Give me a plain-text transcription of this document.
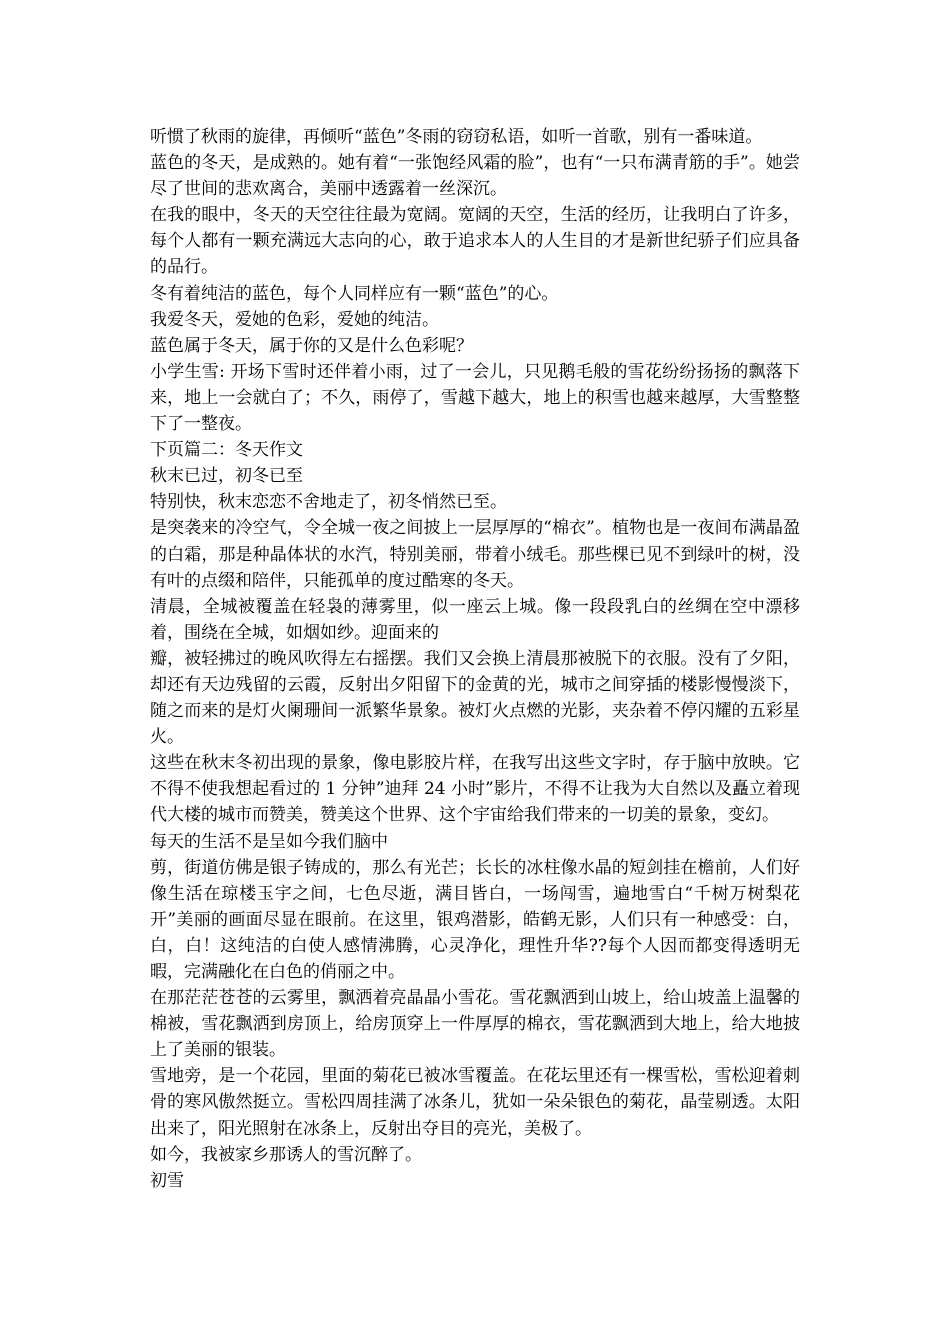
听惯了秋雨的旋律，再倾听“蓝色”冬雨的窃窃私语，如听一首歌，别有一番味道。

蓝色的冬天，是成熟的。她有着“一张饱经风霜的脸”，也有“一只布满青筋的手”。她尝尽了世间的悲欢离合，美丽中透露着一丝深沉。

在我的眼中，冬天的天空往往最为宽阔。宽阔的天空，生活的经历，让我明白了许多，每个人都有一颗充满远大志向的心，敢于追求本人的人生目的才是新世纪骄子们应具备的品行。

冬有着纯洁的蓝色，每个人同样应有一颗“蓝色”的心。

我爱冬天，爱她的色彩，爱她的纯洁。

蓝色属于冬天，属于你的又是什么色彩呢？

小学生雪: 开场下雪时还伴着小雨，过了一会儿，只见鹅毛般的雪花纷纷扬扬的飘落下来，地上一会就白了；不久，雨停了，雪越下越大，地上的积雪也越来越厚，大雪整整下了一整夜。

下页篇二：冬天作文

秋末已过，初冬已至

特别快，秋末恋恋不舍地走了，初冬悄然已至。

是突袭来的冷空气，令全城一夜之间披上一层厚厚的“棉衣”。植物也是一夜间布满晶盈的白霜，那是种晶体状的水汽，特别美丽，带着小绒毛。那些棵已见不到绿叶的树，没有叶的点缀和陪伴，只能孤单的度过酷寒的冬天。

清晨，全城被覆盖在轻袅的薄雾里，似一座云上城。像一段段乳白的丝绸在空中漂移着，围绕在全城，如烟如纱。迎面来的

瓣，被轻拂过的晚风吹得左右摇摆。我们又会换上清晨那被脱下的衣服。没有了夕阳，却还有天边残留的云霞，反射出夕阳留下的金黄的光，城市之间穿插的楼影慢慢淡下，随之而来的是灯火阑珊间一派繁华景象。被灯火点燃的光影，夹杂着不停闪耀的五彩星火。

这些在秋末冬初出现的景象，像电影胶片样，在我写出这些文字时，存于脑中放映。它不得不使我想起看过的 1 分钟”迪拜 24 小时”影片，不得不让我为大自然以及矗立着现代大楼的城市而赞美，赞美这个世界、这个宇宙给我们带来的一切美的景象，变幻。

每天的生活不是呈如今我们脑中

剪，街道仿佛是银子铸成的，那么有光芒；长长的冰柱像水晶的短剑挂在檐前，人们好像生活在琼楼玉宇之间，七色尽逝，满目皆白，一场闯雪，遍地雪白“千树万树梨花开”美丽的画面尽显在眼前。在这里，银鸡潜影，皓鹤无影，人们只有一种感受：白，白，白！这纯洁的白使人感情沸腾，心灵净化，理性升华??每个人因而都变得透明无暇，完满融化在白色的俏丽之中。

在那茫茫苍苍的云雾里，飘洒着亮晶晶小雪花。雪花飘洒到山坡上，给山坡盖上温馨的棉被，雪花飘洒到房顶上，给房顶穿上一件厚厚的棉衣，雪花飘洒到大地上，给大地披上了美丽的银装。

雪地旁，是一个花园，里面的菊花已被冰雪覆盖。在花坛里还有一棵雪松，雪松迎着刺骨的寒风傲然挺立。雪松四周挂满了冰条儿，犹如一朵朵银色的菊花，晶莹剔透。太阳出来了，阳光照射在冰条上，反射出夺目的亮光，美极了。

如今，我被家乡那诱人的雪沉醉了。

初雪
